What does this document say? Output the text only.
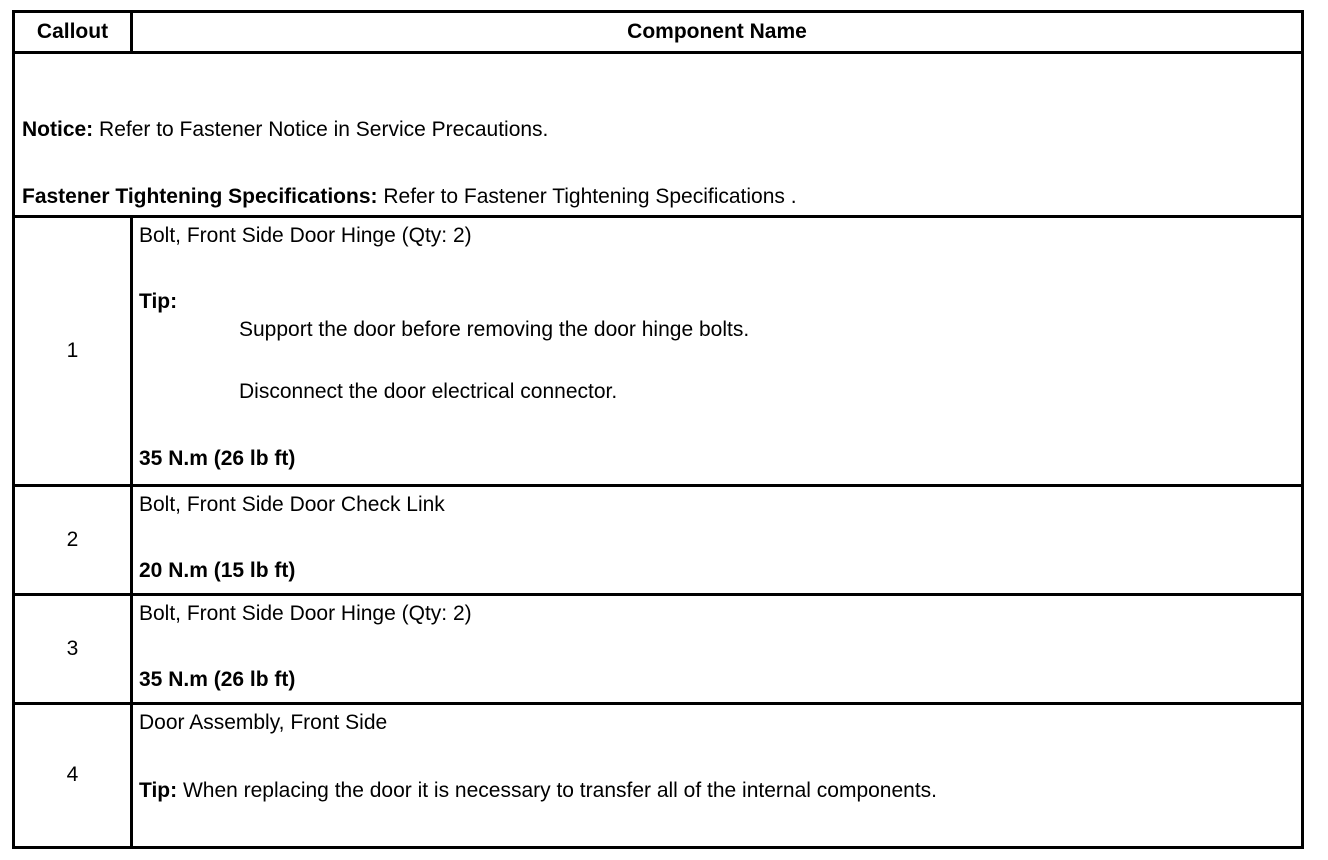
Callout	Component Name

Notice: Refer to Fastener Notice in Service Precautions.

Fastener Tightening Specifications: Refer to Fastener Tightening Specifications .	

1	Bolt, Front Side Door Hinge (Qty: 2)

Tip:

Support the door before removing the door hinge bolts.

Disconnect the door electrical connector.

35 N.m (26 lb ft)

2	Bolt, Front Side Door Check Link

20 N.m (15 lb ft)

3	Bolt, Front Side Door Hinge (Qty: 2)

35 N.m (26 lb ft)

4	Door Assembly, Front Side

Tip: When replacing the door it is necessary to transfer all of the internal components.
